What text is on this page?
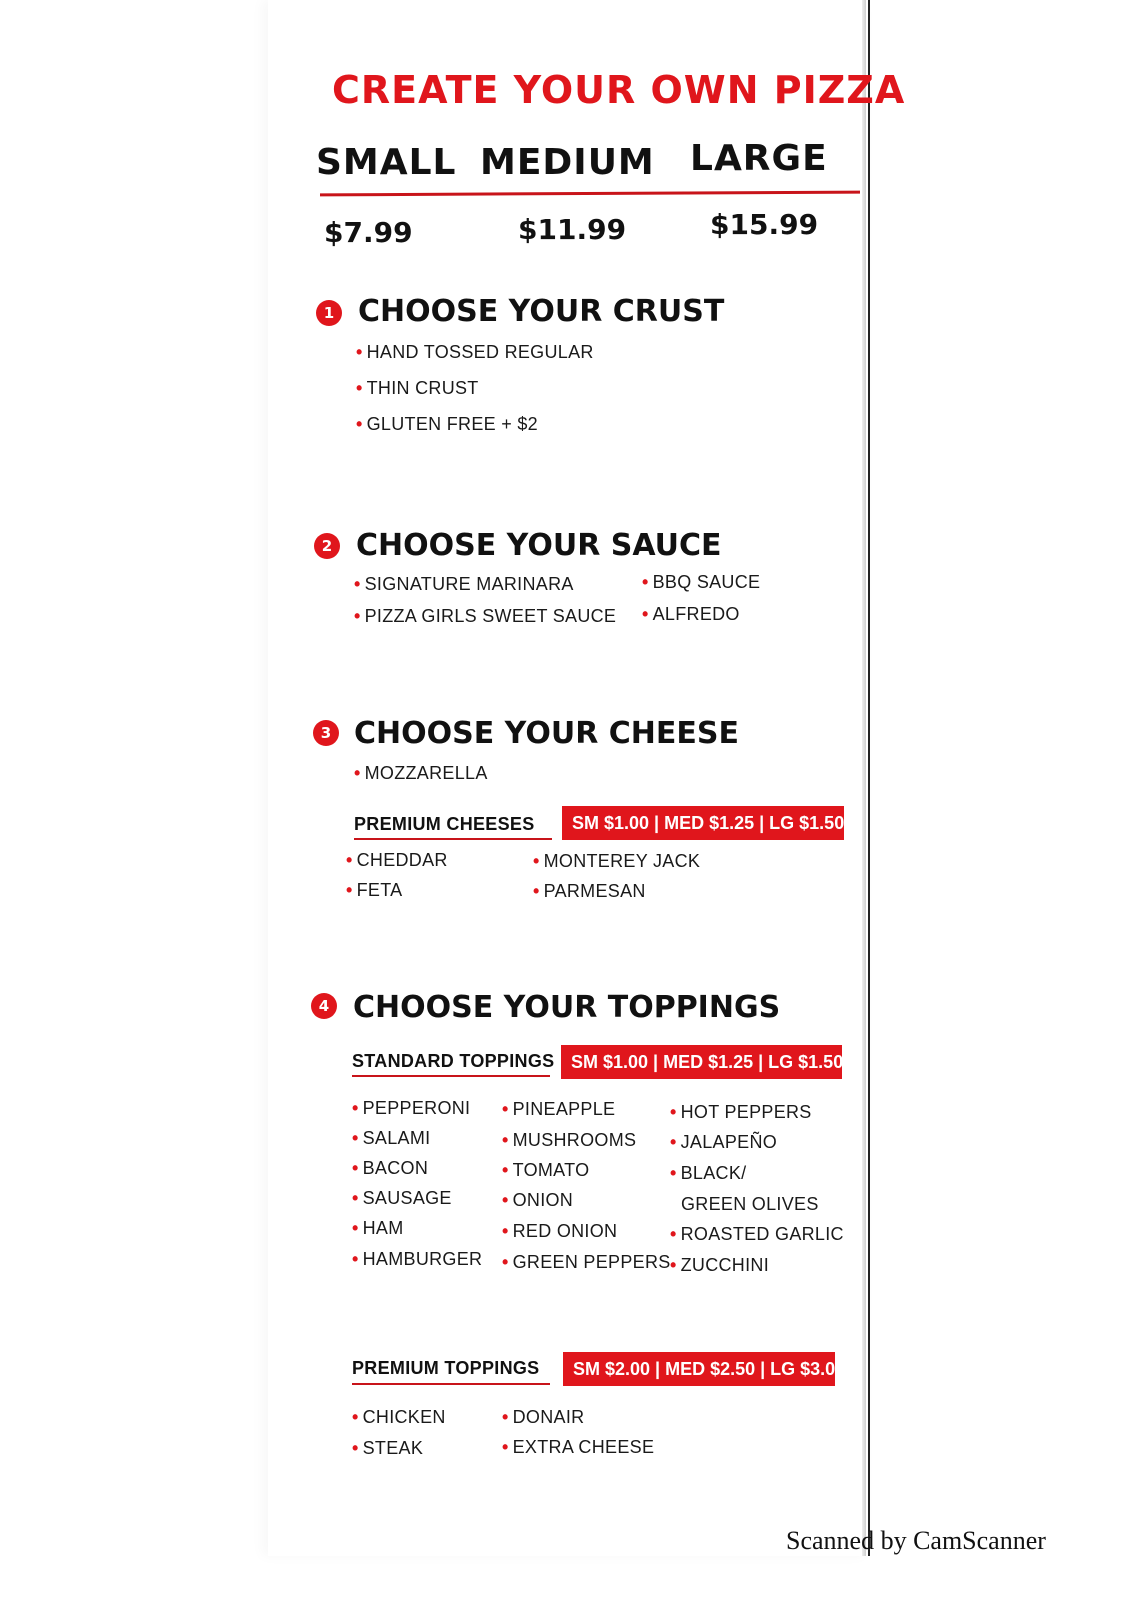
CREATE YOUR OWN PIZZA
SMALL MEDIUM LARGE
$7.99	$11.99	$15.99
1 CHOOSE YOUR CRUST
• HAND TOSSED REGULAR
• THIN CRUST
• GLUTEN FREE + $2
2 CHOOSE YOUR SAUCE
• SIGNATURE MARINARA
• PIZZA GIRLS SWEET SAUCE
• BBQ SAUCE
• ALFREDO
3 CHOOSE YOUR CHEESE
• MOZZARELLA
PREMIUM CHEESES	SM $1.00 | MED $1.25 | LG $1.50
• CHEDDAR
• FETA
• MONTEREY JACK
• PARMESAN
4 CHOOSE YOUR TOPPINGS
STANDARD TOPPINGS SM $1.00 | MED $1.25 | LG $1.50
• PEPPERONI
• SALAMI
• BACON
• SAUSAGE
• HAM
• HAMBURGER
• PINEAPPLE
• MUSHROOMS
• TOMATO
• ONION
• RED ONION
• GREEN PEPPERS
• HOT PEPPERS
• JALAPEÑO
• BLACK/
GREEN OLIVES
• ROASTED GARLIC
• ZUCCHINI
PREMIUM TOPPINGS	SM $2.00 | MED $2.50 | LG $3.00
• CHICKEN
• STEAK
• DONAIR
• EXTRA CHEESE
Scanned by CamScanner
